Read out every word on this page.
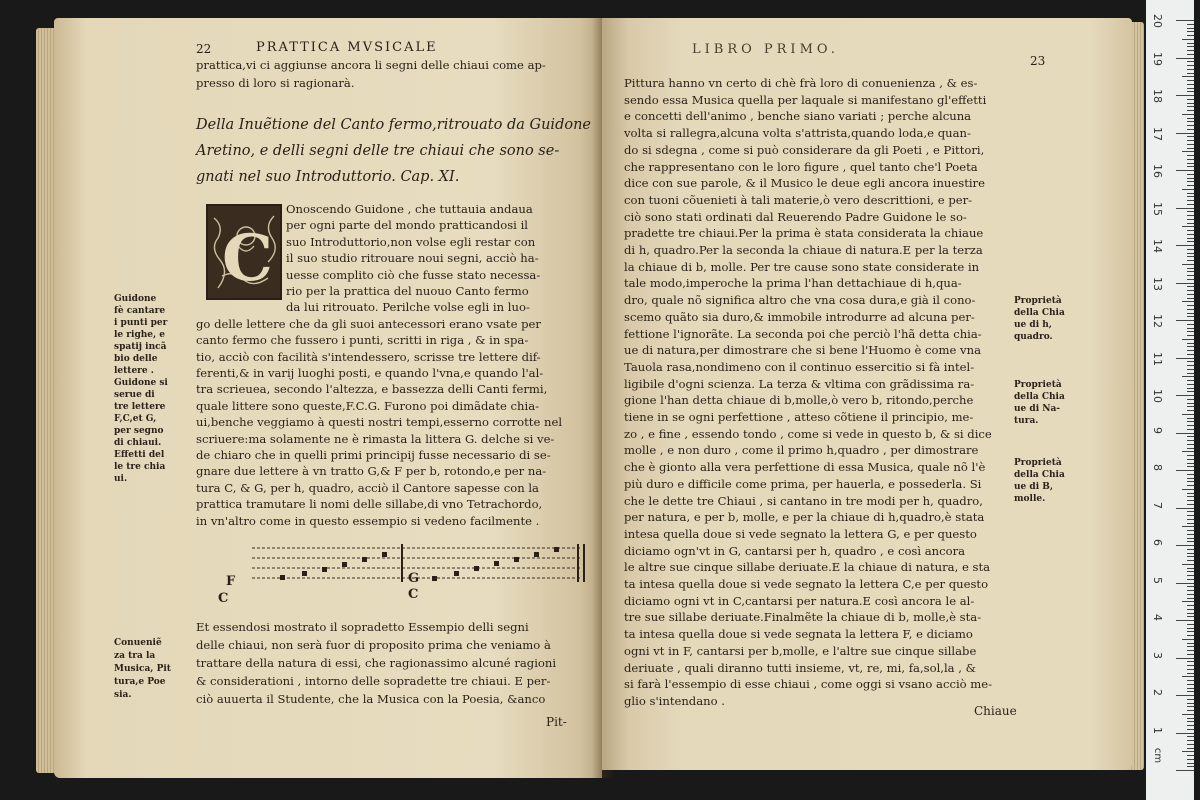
22	PRATTICA MVSICALE
prattica,vi ci aggiunse ancora li segni delle chiaui come ap-
presso di loro si ragionarà.
Della Inuẽtione del Canto fermo,ritrouato da Guidone
Aretino, e delli segni delle tre chiaui che sono se-
gnati nel suo Introduttorio. Cap. XI.
C
Onoscendo Guidone , che tuttauia andaua
per ogni parte del mondo pratticandosi il
suo Introduttorio,non volse egli restar con
il suo studio ritrouare noui segni, acciò ha-
uesse complito ciò che fusse stato necessa-
rio per la prattica del nuouo Canto fermo
da lui ritrouato. Perilche volse egli in luo-
go delle lettere che da gli suoi antecessori erano vsate per
canto fermo che fussero i punti, scritti in riga , & in spa-
tio, acciò con facilità s'intendessero, scrisse tre lettere dif-
ferenti,& in varij luoghi posti, e quando l'vna,e quando l'al-
tra scrieuea, secondo l'altezza, e bassezza delli Canti fermi,
quale littere sono queste,F.C.G. Furono poi dimãdate chia-
ui,benche veggiamo à questi nostri tempi,esserno corrotte nel
scriuere:ma solamente ne è rimasta la littera G. delche si ve-
de chiaro che in quelli primi principij fusse necessario di se-
gnare due lettere à vn tratto G,& F per b, rotondo,e per na-
tura C, & G, per h, quadro, acciò il Cantore sapesse con la
prattica tramutare li nomi delle sillabe,di vno Tetrachordo,
in vn'altro come in questo essempio si vedeno facilmente .
F
C
G
C
Et essendosi mostrato il sopradetto Essempio delli segni
delle chiaui, non serà fuor di proposito prima che veniamo à
trattare della natura di essi, che ragionassimo alcuné ragioni
& considerationi , intorno delle sopradette tre chiaui. E per-
ciò auuerta il Studente, che la Musica con la Poesia, &anco
Pit-
Guidone
fè cantare
i punti per
le righe, e
spatij incã
bio delle
lettere .
Guidone si
serue di
tre lettere
F,C,et G,
per segno
di chiaui.
Effetti del
le tre chia
ui.
Conueniẽ
za tra la
Musica, Pit
tura,e Poe
sia.
LIBRO PRIMO.
23
Pittura hanno vn certo di chè frà loro di conuenienza , & es-
sendo essa Musica quella per laquale si manifestano gl'effetti
e concetti dell'animo , benche siano variati ; perche alcuna
volta si rallegra,alcuna volta s'attrista,quando loda,e quan-
do si sdegna , come si può considerare da gli Poeti , e Pittori,
che rappresentano con le loro figure , quel tanto che'l Poeta
dice con sue parole, & il Musico le deue egli ancora inuestire
con tuoni cõuenieti à tali materie,ò vero descrittioni, e per-
ciò sono stati ordinati dal Reuerendo Padre Guidone le so-
pradette tre chiaui.Per la prima è stata considerata la chiaue
di h, quadro.Per la seconda la chiaue di natura.E per la terza
la chiaue di b, molle. Per tre cause sono state considerate in
tale modo,imperoche la prima l'han dettachiaue di h,qua-
dro, quale nõ significa altro che vna cosa dura,e già il cono-
scemo quãto sia duro,& immobile introdurre ad alcuna per-
fettione l'ignorãte. La seconda poi che perciò l'hã detta chia-
ue di natura,per dimostrare che si bene l'Huomo è come vna
Tauola rasa,nondimeno con il continuo essercitio si fà intel-
ligibile d'ogni scienza. La terza & vltima con grãdissima ra-
gione l'han detta chiaue di b,molle,ò vero b, ritondo,perche
tiene in se ogni perfettione , atteso cõtiene il principio, me-
zo , e fine , essendo tondo , come si vede in questo b, & si dice
molle , e non duro , come il primo h,quadro , per dimostrare
che è gionto alla vera perfettione di essa Musica, quale nõ l'è
più duro e difficile come prima, per hauerla, e possederla. Si
che le dette tre Chiaui , si cantano in tre modi per h, quadro,
per natura, e per b, molle, e per la chiaue di h,quadro,è stata
intesa quella doue si vede segnato la lettera G, e per questo
diciamo ogn'vt in G, cantarsi per h, quadro , e così ancora
le altre sue cinque sillabe deriuate.E la chiaue di natura, e sta
ta intesa quella doue si vede segnato la lettera C,e per questo
diciamo ogni vt in C,cantarsi per natura.E così ancora le al-
tre sue sillabe deriuate.Finalmẽte la chiaue di b, molle,è sta-
ta intesa quella doue si vede segnata la lettera F, e diciamo
ogni vt in F, cantarsi per b,molle, e l'altre sue cinque sillabe
deriuate , quali diranno tutti insieme, vt, re, mi, fa,sol,la , &
si farà l'essempio di esse chiaui , come oggi si vsano acciò me-
glio s'intendano .
Chiaue
Proprietà
della Chia
ue di h,
quadro.
Proprietà
della Chia
ue di Na-
tura.
Proprietà
della Chia
ue di B,
molle.
1
2
3
4
5
6
7
8
9
10
11
12
13
14
15
16
17
18
19
20
cm
